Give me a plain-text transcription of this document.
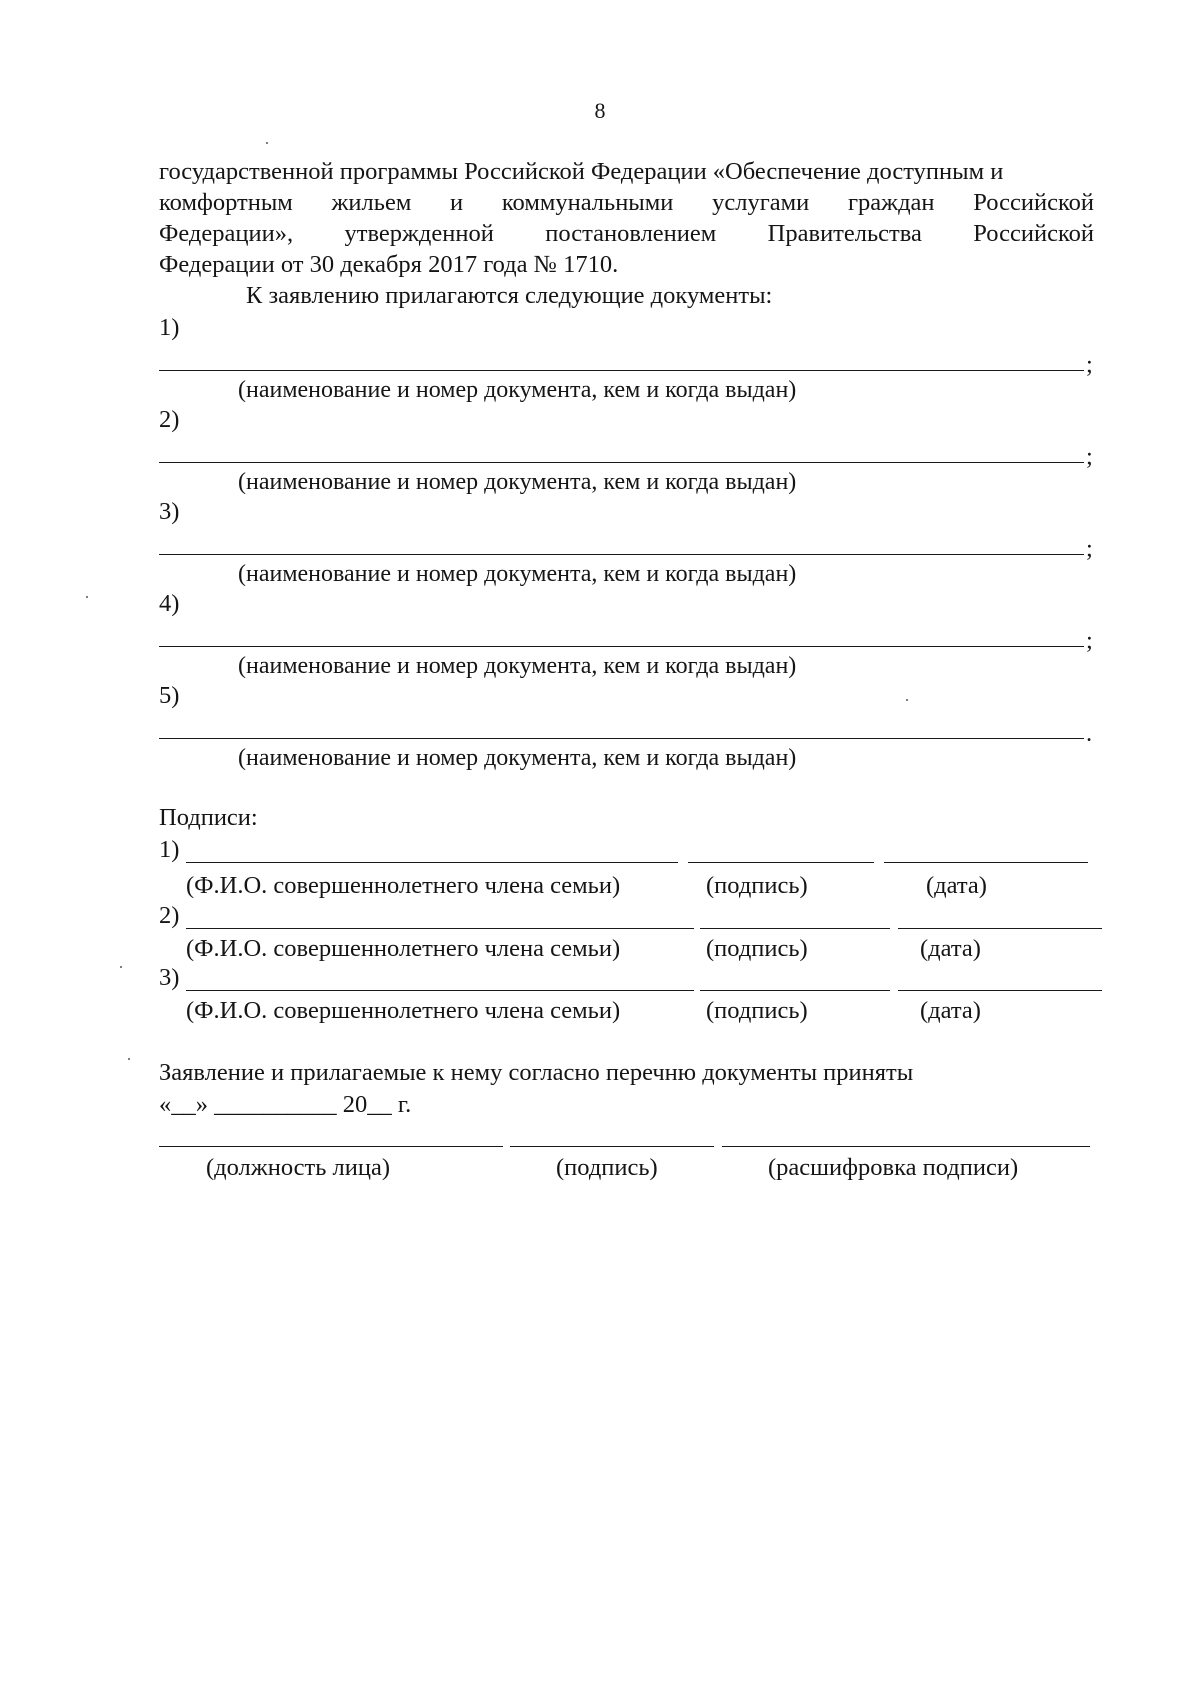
8
государственной программы Российской Федерации «Обеспечение доступным и
комфортным жильем и коммунальными услугами граждан Российской
Федерации», утвержденной постановлением Правительства Российской
Федерации от 30 декабря 2017 года № 1710.
К заявлению прилагаются следующие документы:
1)
;
(наименование и номер документа, кем и когда выдан)
2)
;
(наименование и номер документа, кем и когда выдан)
3)
;
(наименование и номер документа, кем и когда выдан)
4)
;
(наименование и номер документа, кем и когда выдан)
5)
.
(наименование и номер документа, кем и когда выдан)
Подписи:
1)
(Ф.И.О. совершеннолетнего члена семьи)	(подпись)	(дата)
2)
(Ф.И.О. совершеннолетнего члена семьи)	(подпись)	(дата)
3)
(Ф.И.О. совершеннолетнего члена семьи)	(подпись)	(дата)
Заявление и прилагаемые к нему согласно перечню документы приняты
«__» __________ 20__ г.
(должность лица)	(подпись)	(расшифровка подписи)
